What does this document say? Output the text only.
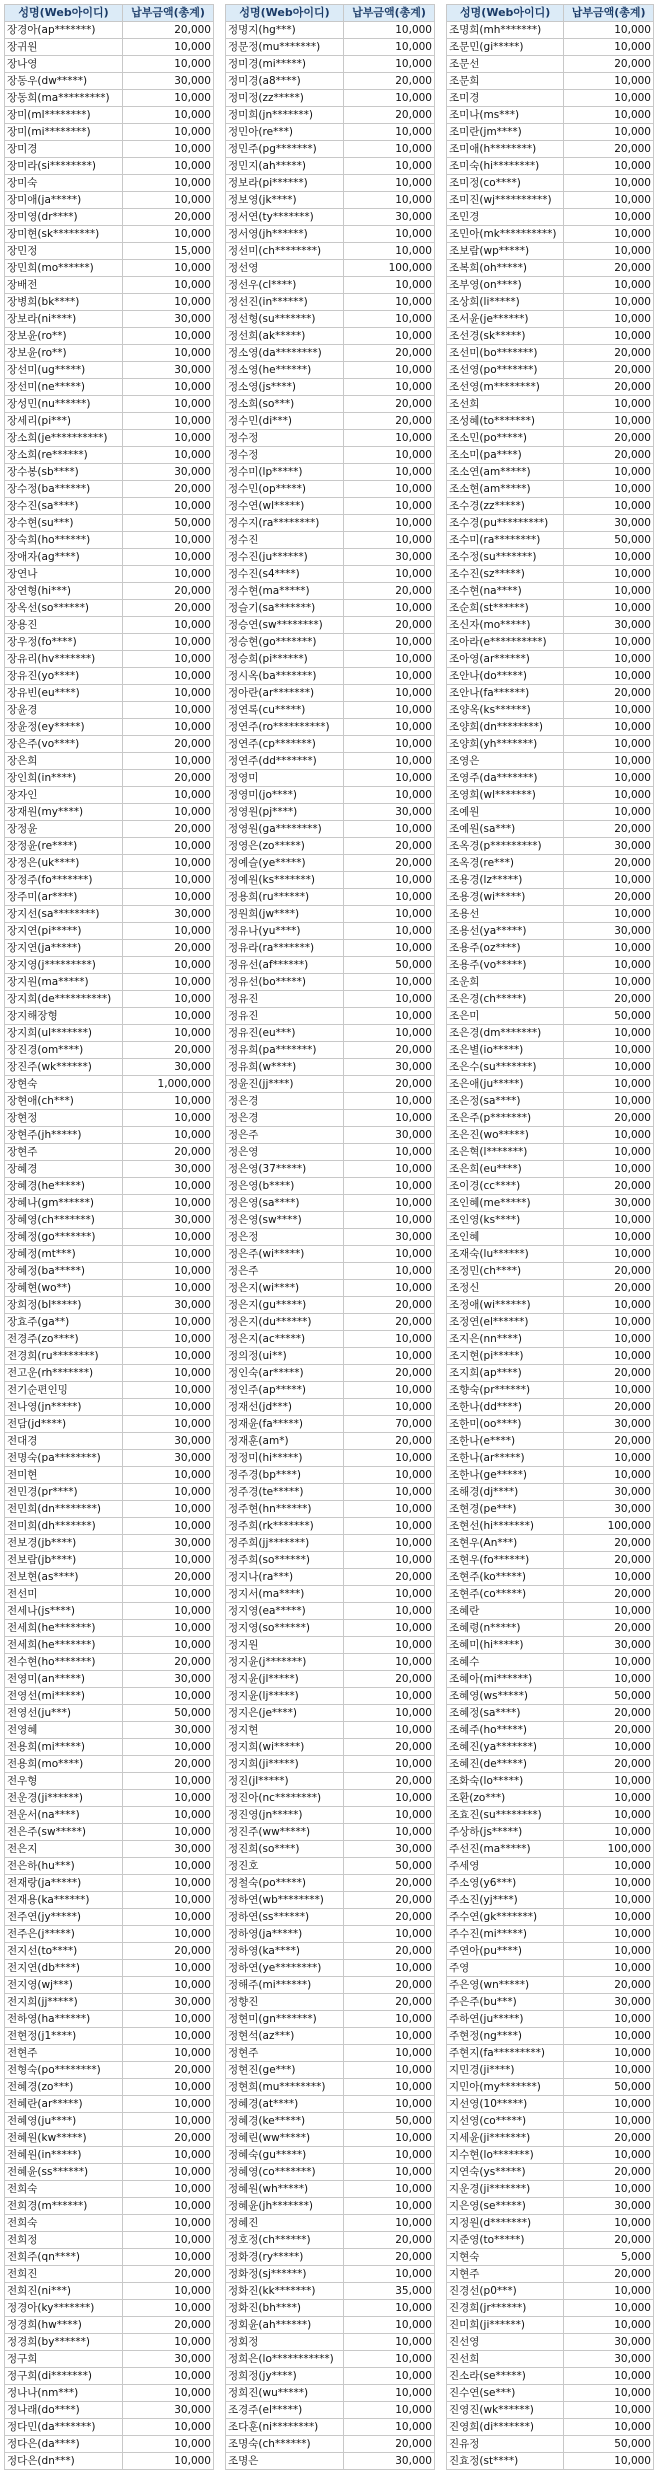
성명(Web아이디)	납부금액(총계)
장경아(ap*******)	20,000
장귀원	10,000
장나영	10,000
장동우(dw*****)	30,000
장동희(ma*********)	10,000
장미(ml********)	10,000
장미(mi********)	10,000
장미경	10,000
장미라(si********)	10,000
장미숙	10,000
장미애(ja*****)	10,000
장미영(dr****)	20,000
장미현(sk********)	10,000
장민정	15,000
장민희(mo******)	10,000
장배전	10,000
장병희(bk****)	10,000
장보라(ni****)	30,000
장보윤(ro**)	10,000
장보윤(ro**)	10,000
장선미(ug*****)	30,000
장선미(ne*****)	10,000
장성민(nu******)	10,000
장세리(pi***)	10,000
장소희(je**********)	10,000
장소희(re******)	10,000
장수봉(sb****)	30,000
장수정(ba******)	20,000
장수진(sa****)	10,000
장수현(su***)	50,000
장숙희(ho******)	10,000
장애자(ag****)	10,000
장연나	10,000
장연형(hi***)	20,000
장옥선(so******)	20,000
장용진	10,000
장우정(fo****)	10,000
장유리(hv*******)	10,000
장유진(yo****)	10,000
장유빈(eu****)	10,000
장윤경	10,000
장윤정(ey*****)	10,000
장은주(vo****)	20,000
장은희	10,000
장인희(in****)	20,000
장자인	10,000
장재원(my****)	10,000
장정윤	20,000
장정윤(re****)	10,000
장정은(uk****)	10,000
장정주(fo*******)	10,000
장주미(ar****)	10,000
장지선(sa********)	30,000
장지연(pi*****)	10,000
장지연(ja*****)	20,000
장지영(j*********)	10,000
장지원(ma*****)	10,000
장지희(de**********)	10,000
장지해장형	10,000
장지희(ul*******)	10,000
장진경(om****)	20,000
장진주(wk******)	30,000
장현숙	1,000,000
장현애(ch***)	10,000
장현정	10,000
장현주(jh*****)	10,000
장현주	20,000
장혜경	30,000
장혜경(he*****)	10,000
장혜나(gm******)	10,000
장혜영(ch*******)	30,000
장혜정(go*******)	10,000
장혜정(mt***)	10,000
장혜정(ba*****)	10,000
장혜현(wo**)	10,000
장희정(bl*****)	30,000
장효주(ga**)	10,000
전경주(zo****)	10,000
전경희(ru********)	10,000
전고운(rh*******)	10,000
전기순편인밍	10,000
전나영(jn*****)	10,000
전담(jd****)	10,000
전대경	30,000
전명숙(pa********)	30,000
전미현	10,000
전민경(pr****)	10,000
전민희(dn********)	10,000
전미희(dh*******)	10,000
전보경(jb****)	30,000
전보람(jb****)	10,000
전보현(as****)	20,000
전선미	10,000
전세나(js****)	10,000
전세희(he*******)	10,000
전세희(he*******)	10,000
전수현(ho*******)	20,000
전영미(an*****)	30,000
전영선(mi*****)	10,000
전영선(ju***)	50,000
전영혜	30,000
전용희(mi*****)	10,000
전용희(mo****)	20,000
전우형	10,000
전운경(ji******)	10,000
전운서(na****)	10,000
전은주(sw*****)	10,000
전은지	30,000
전은하(hu***)	10,000
전재랑(ja*****)	10,000
전재용(ka******)	10,000
전주연(jy*****)	10,000
전주은(j*****)	10,000
전지선(to****)	20,000
전지연(db****)	10,000
전지영(wj***)	10,000
전지희(jj*****)	30,000
전하영(ha******)	10,000
전현정(j1****)	10,000
전현주	10,000
전형숙(po********)	20,000
전혜경(zo***)	10,000
전혜란(ar*****)	10,000
전혜영(ju****)	10,000
전혜원(kw*****)	20,000
전혜원(in*****)	10,000
전혜윤(ss******)	10,000
전희숙	10,000
전희경(m******)	10,000
전희숙	10,000
전희정	10,000
전희주(qn****)	10,000
전희진	20,000
전희진(ni***)	10,000
정경아(ky*******)	10,000
정경희(hw****)	20,000
정경희(by******)	10,000
정구희	30,000
정구희(di*******)	10,000
정나나(nm***)	10,000
정나래(do****)	30,000
정다민(da*******)	10,000
정다은(da****)	10,000
정다은(dn***)	10,000
성명(Web아이디)	납부금액(총계)
정명지(hg***)	10,000
정문정(mu*******)	10,000
정미경(mi*****)	10,000
정미경(a8****)	20,000
정미정(zz*****)	10,000
정미희(jn*******)	20,000
정민아(re***)	10,000
정민주(pg*******)	10,000
정민지(ah*****)	10,000
정보라(pi******)	10,000
정보영(jk****)	10,000
정서연(ty*******)	30,000
정서영(jh******)	10,000
정선미(ch********)	10,000
정선영	100,000
정선우(cl****)	10,000
정선진(in******)	10,000
정선형(su*******)	10,000
정선희(ak*****)	10,000
정소영(da********)	20,000
정소영(he******)	10,000
정소영(js****)	10,000
정소희(so***)	20,000
정수민(di***)	20,000
정수정	10,000
정수정	10,000
정수미(lp*****)	10,000
정수민(op*****)	10,000
정수연(wl*****)	10,000
정수지(ra********)	10,000
정수진	10,000
정수진(ju******)	30,000
정수진(s4****)	10,000
정수현(ma*****)	20,000
정슬기(sa*******)	10,000
정승연(sw********)	20,000
정승현(go*******)	10,000
정승희(pi******)	10,000
정시옥(ba*******)	10,000
정아란(ar*******)	10,000
정연록(cu*****)	10,000
정연주(ro**********)	10,000
정연주(cp*******)	10,000
정연주(dd*******)	10,000
정영미	10,000
정영미(jo****)	10,000
정영원(pj****)	30,000
정영원(ga********)	10,000
정영은(zo*****)	20,000
정예슬(ye*****)	20,000
정예원(ks*******)	10,000
정용희(ru******)	10,000
정원희(jw****)	10,000
정유나(yu****)	10,000
정유라(ra*******)	10,000
정유선(af******)	50,000
정유선(bo*****)	10,000
정유진	10,000
정유진	10,000
정유진(eu***)	10,000
정유희(pa*******)	20,000
정유희(w****)	30,000
정윤진(jj****)	20,000
정은경	10,000
정은경	10,000
정은주	30,000
정은영	10,000
정은영(37*****)	10,000
정은영(b****)	10,000
정은영(sa****)	10,000
정은영(sw****)	10,000
정은정	30,000
정은주(wi*****)	10,000
정은주	10,000
정은지(wi****)	10,000
정은지(gu*****)	20,000
정은지(du******)	20,000
정은지(ac*****)	10,000
정의정(ui**)	10,000
정인숙(ar*****)	20,000
정인주(ap*****)	10,000
정재선(jd***)	10,000
정재윤(fa*****)	70,000
정재훈(am*)	20,000
정정미(hi*****)	10,000
정주경(bp****)	10,000
정주경(te*****)	10,000
정주현(hn******)	10,000
정주희(rk*******)	10,000
정주희(jj*******)	10,000
정주희(so******)	10,000
정지나(ra***)	20,000
정지서(ma****)	10,000
정지영(ea*****)	10,000
정지영(so******)	10,000
정지원	10,000
정지윤(j*******)	10,000
정지윤(jl*****)	20,000
정지윤(lj*****)	10,000
정지은(je****)	10,000
정지현	10,000
정지희(wi*****)	20,000
정지희(ji*****)	10,000
정진(jl*****)	20,000
정진아(nc********)	10,000
정진영(jn*****)	10,000
정진주(ww*****)	10,000
정진희(so****)	30,000
정진호	50,000
정철숙(po*****)	20,000
정하연(wb********)	20,000
정하연(ss******)	20,000
정하영(ja*****)	10,000
정하영(ka****)	20,000
정하연(ye********)	10,000
정해주(mi******)	20,000
정향진	20,000
정현미(gn*******)	10,000
정현석(az***)	10,000
정현주	10,000
정현진(ge***)	10,000
정현희(mu********)	10,000
정혜경(at****)	10,000
정혜경(ke*****)	50,000
정혜린(ww*****)	10,000
정혜숙(gu*****)	10,000
정혜영(co*******)	10,000
정혜원(wh*****)	10,000
정혜윤(jh*******)	10,000
정혜진	10,000
정호정(ch******)	20,000
정화경(ry*****)	20,000
정화정(sj******)	10,000
정화진(kk*******)	35,000
정화진(bh****)	10,000
정회윤(ah******)	10,000
정회정	10,000
정희은(lo***********)	10,000
정희정(jy****)	10,000
정희진(wu*****)	10,000
조경주(el*****)	10,000
조다훈(ni********)	10,000
조명숙(ch******)	20,000
조명은	30,000
성명(Web아이디)	납부금액(총계)
조명희(mh*******)	10,000
조문민(gi*****)	10,000
조문선	20,000
조문희	10,000
조미경	10,000
조미나(ms***)	10,000
조미란(jm****)	10,000
조미애(h********)	20,000
조미숙(hi********)	10,000
조미정(co****)	10,000
조미진(wj**********)	10,000
조민경	10,000
조민아(mk**********)	10,000
조보람(wp*****)	10,000
조복희(oh*****)	20,000
조부영(on****)	10,000
조상희(li*****)	10,000
조서윤(je******)	10,000
조선경(sk*****)	10,000
조선미(bo*******)	20,000
조선영(po*******)	20,000
조선영(m********)	20,000
조선희	10,000
조성혜(to*******)	10,000
조소민(po*****)	20,000
조소미(pa****)	20,000
조소연(am*****)	10,000
조소현(am*****)	10,000
조수경(zz*****)	10,000
조수경(pu*********)	30,000
조수미(ra********)	50,000
조수정(su*******)	10,000
조수진(sz*****)	10,000
조수현(na****)	10,000
조순희(st******)	10,000
조신자(mo*****)	30,000
조아라(e**********)	10,000
조아영(ar******)	10,000
조안나(do*****)	10,000
조안나(fa******)	20,000
조양옥(ks******)	10,000
조양희(dn********)	10,000
조양희(yh*******)	10,000
조영은	10,000
조영주(da*******)	10,000
조영희(wl*******)	10,000
조예원	10,000
조예원(sa***)	20,000
조옥경(p*********)	30,000
조옥경(re***)	20,000
조용경(lz*****)	10,000
조용경(wi*****)	20,000
조용선	10,000
조용선(ya*****)	30,000
조용주(oz****)	10,000
조용주(vo*****)	10,000
조운희	10,000
조은경(ch*****)	20,000
조은미	50,000
조은경(dm*******)	10,000
조은별(io*****)	10,000
조은수(su*******)	10,000
조은애(ju*****)	10,000
조은정(sa****)	10,000
조은주(p*******)	20,000
조은진(wo*****)	10,000
조은혁(l*******)	10,000
조은희(eu****)	10,000
조이경(cc****)	20,000
조인혜(me*****)	30,000
조인영(ks****)	10,000
조인혜	10,000
조재숙(lu******)	10,000
조정민(ch****)	20,000
조정신	20,000
조정애(wi******)	10,000
조정연(el******)	10,000
조지은(nn****)	10,000
조지현(pi*****)	10,000
조지희(ap****)	20,000
조향숙(pr******)	10,000
조한나(dd****)	20,000
조한미(oo****)	30,000
조한나(e****)	20,000
조한나(ar*****)	10,000
조한나(ge*****)	10,000
조해경(dj****)	30,000
조현경(pe***)	30,000
조현선(hi*******)	100,000
조현우(An***)	20,000
조현우(fo******)	20,000
조현주(ko*****)	10,000
조현주(co*****)	20,000
조혜란	10,000
조혜령(n*****)	20,000
조혜미(hi*****)	30,000
조혜수	10,000
조혜아(mi******)	10,000
조혜영(ws*****)	50,000
조혜정(sa****)	20,000
조혜주(ho*****)	20,000
조혜진(ya*******)	10,000
조혜진(de*****)	20,000
조화숙(lo*****)	10,000
조환(zo***)	10,000
조효진(su********)	10,000
주상하(js*****)	10,000
주선진(ma*****)	100,000
주세영	10,000
주소영(y6***)	10,000
주소진(yj****)	10,000
주수연(gk*******)	10,000
주수진(mi*****)	10,000
주연아(pu****)	10,000
주영	10,000
주은영(wn*****)	20,000
주은주(bu***)	30,000
주하연(ju*****)	10,000
주현정(ng****)	10,000
주현지(fa*********)	10,000
지민경(ji****)	10,000
지민아(my*******)	50,000
지선영(10*****)	10,000
지선영(co*****)	10,000
지세윤(ji*******)	20,000
지수현(lo*******)	10,000
지연숙(ys*****)	20,000
지운경(ji*******)	10,000
지은영(se*****)	30,000
지정원(d*******)	10,000
지준영(to*****)	20,000
지현숙	5,000
지현주	20,000
진경선(p0***)	10,000
진경희(jr******)	10,000
진미희(ji******)	10,000
진선영	30,000
진선희	30,000
진소라(se*****)	10,000
진수연(se***)	10,000
진영진(wk******)	10,000
진영희(di*******)	10,000
진유정	50,000
진효정(st****)	10,000
